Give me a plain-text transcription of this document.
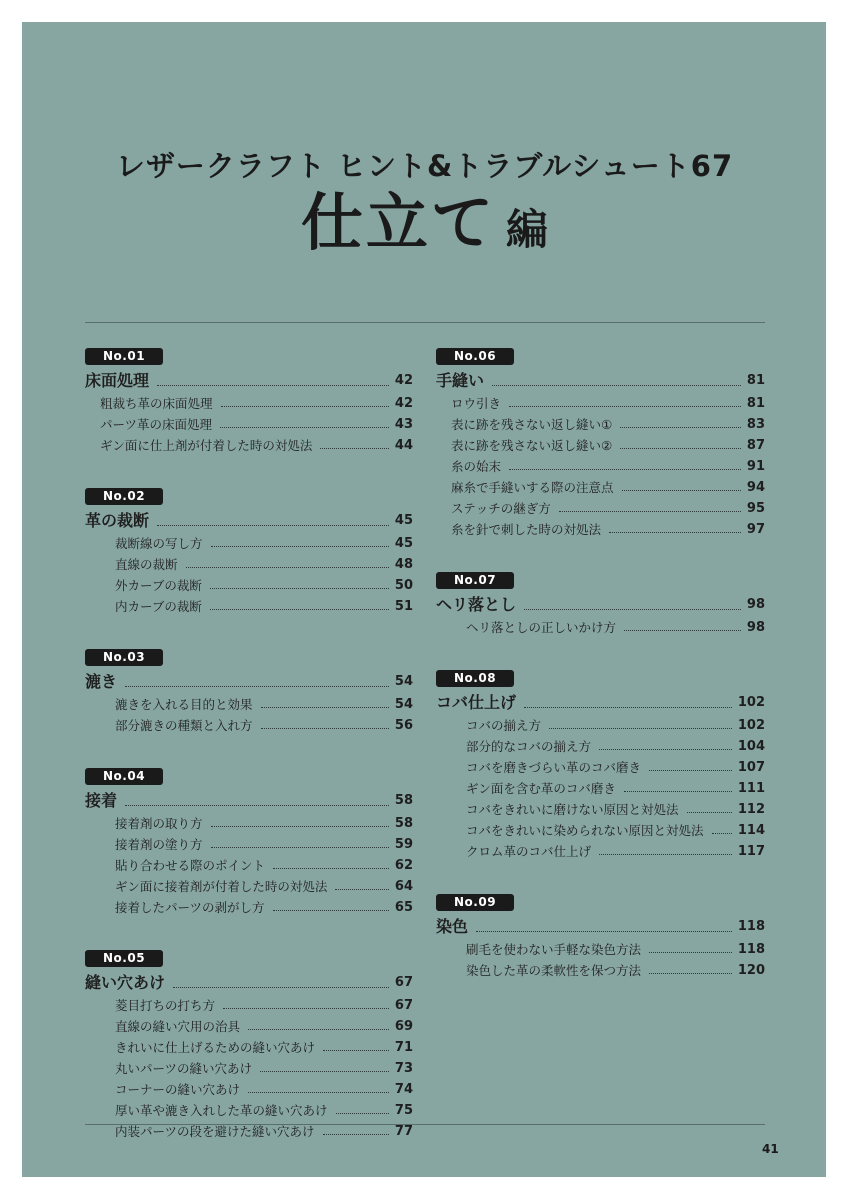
レザークラフト ヒント&トラブルシュート67
仕立て 編
No.01
床面処理	42
粗裁ち革の床面処理	42
パーツ革の床面処理	43
ギン面に仕上剤が付着した時の対処法	44
No.02
革の裁断	45
裁断線の写し方	45
直線の裁断	48
外カーブの裁断	50
内カーブの裁断	51
No.03
漉き	54
漉きを入れる目的と効果	54
部分漉きの種類と入れ方	56
No.04
接着	58
接着剤の取り方	58
接着剤の塗り方	59
貼り合わせる際のポイント	62
ギン面に接着剤が付着した時の対処法	64
接着したパーツの剥がし方	65
No.05
縫い穴あけ	67
菱目打ちの打ち方	67
直線の縫い穴用の治具	69
きれいに仕上げるための縫い穴あけ	71
丸いパーツの縫い穴あけ	73
コーナーの縫い穴あけ	74
厚い革や漉き入れした革の縫い穴あけ	75
内装パーツの段を避けた縫い穴あけ	77
No.06
手縫い	81
ロウ引き	81
表に跡を残さない返し縫い①	83
表に跡を残さない返し縫い②	87
糸の始末	91
麻糸で手縫いする際の注意点	94
ステッチの継ぎ方	95
糸を針で刺した時の対処法	97
No.07
ヘリ落とし	98
ヘリ落としの正しいかけ方	98
No.08
コバ仕上げ	102
コバの揃え方	102
部分的なコバの揃え方	104
コバを磨きづらい革のコバ磨き	107
ギン面を含む革のコバ磨き	111
コバをきれいに磨けない原因と対処法	112
コバをきれいに染められない原因と対処法	114
クロム革のコバ仕上げ	117
No.09
染色	118
刷毛を使わない手軽な染色方法	118
染色した革の柔軟性を保つ方法	120
41
